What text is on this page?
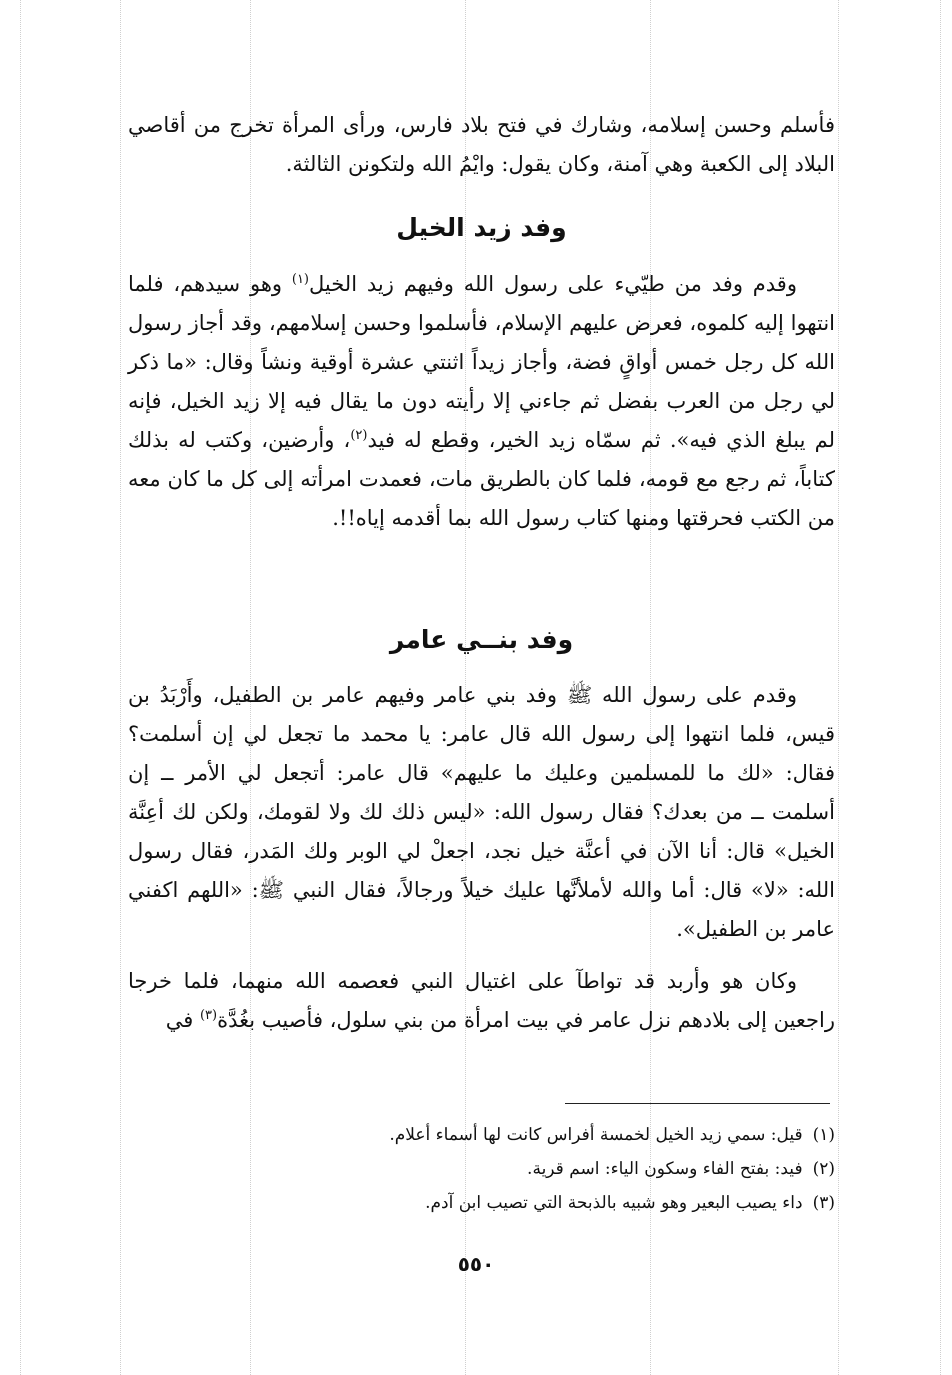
فأسلم وحسن إسلامه، وشارك في فتح بلاد فارس، ورأى المرأة تخرج من أقاصي البلاد إلى الكعبة وهي آمنة، وكان يقول: وايْمُ الله ولتكونن الثالثة.

وفد زيد الخيل

وقدم وفد من طيّيء على رسول الله وفيهم زيد الخيل$^{(١)}$ وهو سيدهم، فلما انتهوا إليه كلموه، فعرض عليهم الإسلام، فأسلموا وحسن إسلامهم، وقد أجاز رسول الله كل رجل خمس أواقٍ فضة، وأجاز زيداً اثنتي عشرة أوقية ونشاً وقال: «ما ذكر لي رجل من العرب بفضل ثم جاءني إلا رأيته دون ما يقال فيه إلا زيد الخيل، فإنه لم يبلغ الذي فيه». ثم سمّاه زيد الخير، وقطع له فيد$^{(٢)}$، وأرضين، وكتب له بذلك كتاباً، ثم رجع مع قومه، فلما كان بالطريق مات، فعمدت امرأته إلى كل ما كان معه من الكتب فحرقتها ومنها كتاب رسول الله بما أقدمه إياه!!.

وفد بنــي عامر

وقدم على رسول الله ﷺ وفد بني عامر وفيهم عامر بن الطفيل، وأَرْبَدُ بن قيس، فلما انتهوا إلى رسول الله قال عامر: يا محمد ما تجعل لي إن أسلمت؟ فقال: «لك ما للمسلمين وعليك ما عليهم» قال عامر: أتجعل لي الأمر ــ إن أسلمت ــ من بعدك؟ فقال رسول الله: «ليس ذلك لك ولا لقومك، ولكن لك أعِنَّة الخيل» قال: أنا الآن في أعنَّة خيل نجد، اجعلْ لي الوبر ولك المَدر، فقال رسول الله: «لا» قال: أما والله لأملأنَّها عليك خيلاً ورجالاً، فقال النبي ﷺ: «اللهم اكفني عامر بن الطفيل».

وكان هو وأربد قد تواطآ على اغتيال النبي فعصمه الله منهما، فلما خرجا راجعين إلى بلادهم نزل عامر في بيت امرأة من بني سلول، فأصيب بغُدَّة$^{(٣)}$ في

(١)قيل: سمي زيد الخيل لخمسة أفراس كانت لها أسماء أعلام.

(٢)فيد: بفتح الفاء وسكون الياء: اسم قرية.

(٣)داء يصيب البعير وهو شبيه بالذبحة التي تصيب ابن آدم.

٥٥٠
